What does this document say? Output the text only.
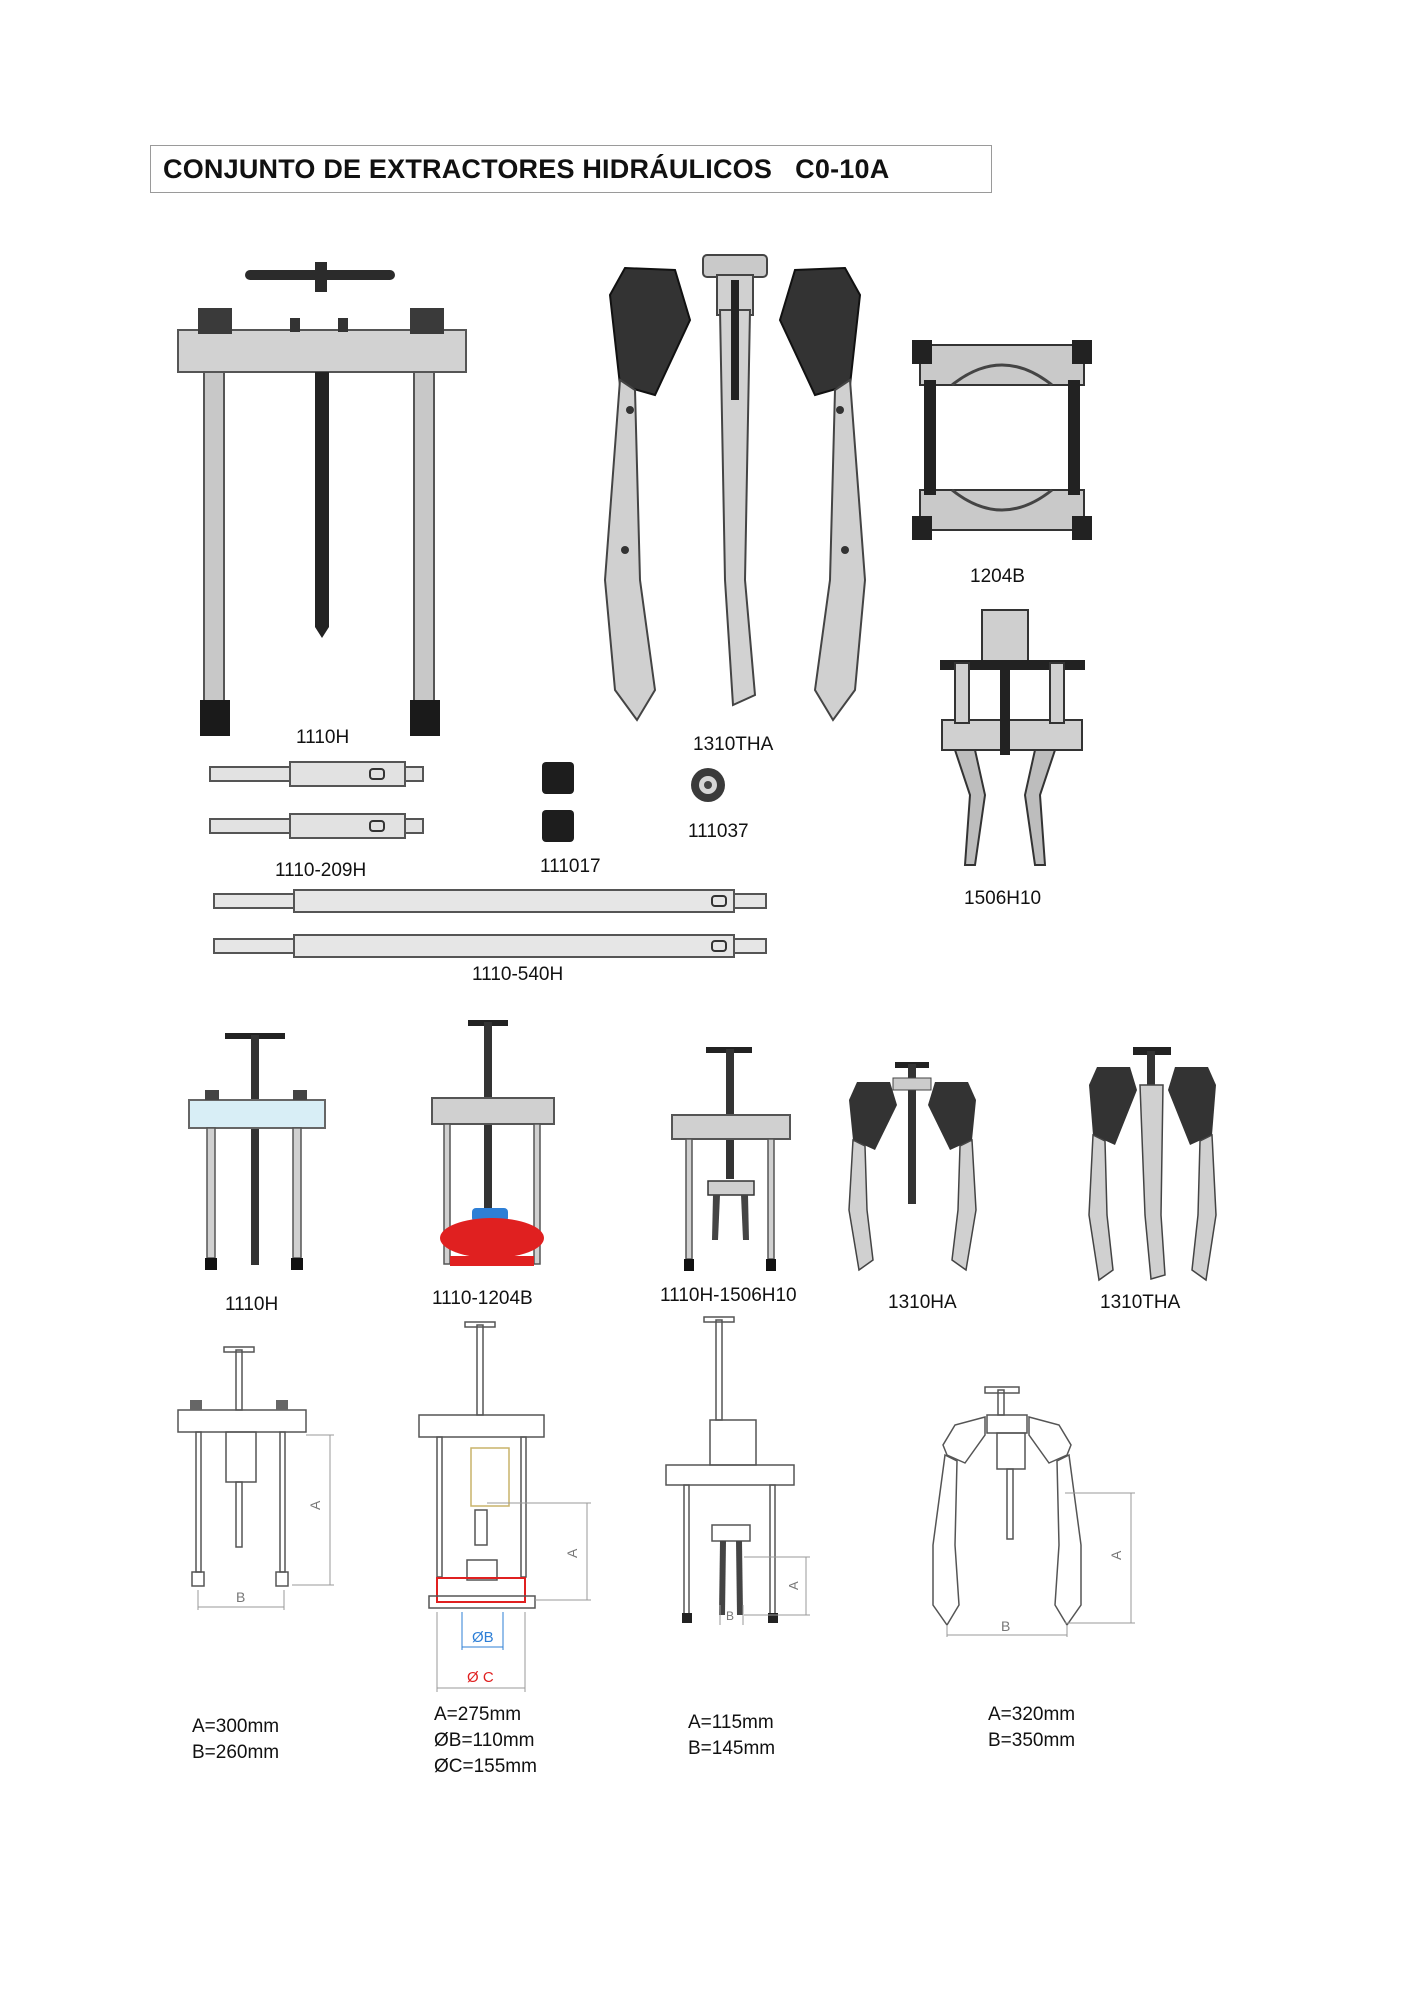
CONJUNTO DE EXTRACTORES HIDRÁULICOS   C0-10A
1110H	1310THA
1204B
1506H10
1110-209H	111017
111037
1110-540H
1110H	1110-1204B	1110H-1506H10	1310HA	1310THA
A
B
A
ØB
Ø C
A
B
A
B
A=300mm
B=260mm
A=275mm
ØB=110mm
ØC=155mm
A=115mm
B=145mm
A=320mm
B=350mm
